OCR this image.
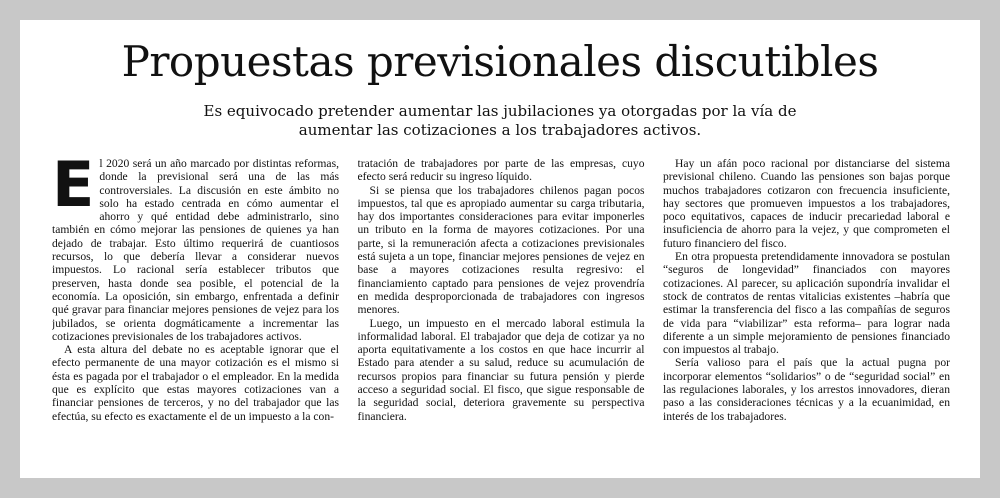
Propuestas previsionales discutibles
Es equivocado pretender aumentar las jubilaciones ya otorgadas por la vía de
aumentar las cotizaciones a los trabajadores activos.

El 2020 será un año marcado por distintas reformas, donde la previsional será una de las más controversiales. La discusión en este ámbito no solo ha estado centrada en cómo aumentar el ahorro y qué entidad debe administrarlo, sino también en cómo mejorar las pensiones de quienes ya han dejado de trabajar. Esto último requerirá de cuantiosos recursos, lo que debería llevar a considerar nuevos impuestos. Lo racional sería establecer tributos que preserven, hasta donde sea posible, el potencial de la economía. La oposición, sin embargo, enfrentada a definir qué gravar para financiar mejores pensiones de vejez para los jubilados, se orienta dogmáticamente a incrementar las cotizaciones previsionales de los trabajadores activos.

A esta altura del debate no es aceptable ignorar que el efecto permanente de una mayor cotización es el mismo si ésta es pagada por el trabajador o el empleador. En la medida que es explícito que estas mayores cotizaciones van a financiar pensiones de terceros, y no del trabajador que las efectúa, su efecto es exactamente el de un impuesto a la con-

tratación de trabajadores por parte de las empresas, cuyo efecto será reducir su ingreso líquido.

Si se piensa que los trabajadores chilenos pagan pocos impuestos, tal que es apropiado aumentar su carga tributaria, hay dos importantes consideraciones para evitar imponerles un tributo en la forma de mayores cotizaciones. Por una parte, si la remuneración afecta a cotizaciones previsionales está sujeta a un tope, financiar mejores pensiones de vejez en base a mayores cotizaciones resulta regresivo: el financiamiento captado para pensiones de vejez provendría en medida desproporcionada de trabajadores con ingresos menores.

Luego, un impuesto en el mercado laboral estimula la informalidad laboral. El trabajador que deja de cotizar ya no aporta equitativamente a los costos en que hace incurrir al Estado para atender a su salud, reduce su acumulación de recursos propios para financiar su futura pensión y pierde acceso a seguridad social. El fisco, que sigue responsable de la seguridad social, deteriora gravemente su perspectiva financiera.

Hay un afán poco racional por distanciarse del sistema previsional chileno. Cuando las pensiones son bajas porque muchos trabajadores cotizaron con frecuencia insuficiente, hay sectores que promueven impuestos a los trabajadores, poco equitativos, capaces de inducir precariedad laboral e insuficiencia de ahorro para la vejez, y que comprometen el futuro financiero del fisco.

En otra propuesta pretendidamente innovadora se postulan “seguros de longevidad” financiados con mayores cotizaciones. Al parecer, su aplicación supondría invalidar el stock de contratos de rentas vitalicias existentes –habría que estimar la transferencia del fisco a las compañías de seguros de vida para “viabilizar” esta reforma– para lograr nada diferente a un simple mejoramiento de pensiones financiado con impuestos al trabajo.

Sería valioso para el país que la actual pugna por incorporar elementos “solidarios” o de “seguridad social” en las regulaciones laborales, y los arrestos innovadores, dieran paso a las consideraciones técnicas y a la ecuanimidad, en interés de los trabajadores.
